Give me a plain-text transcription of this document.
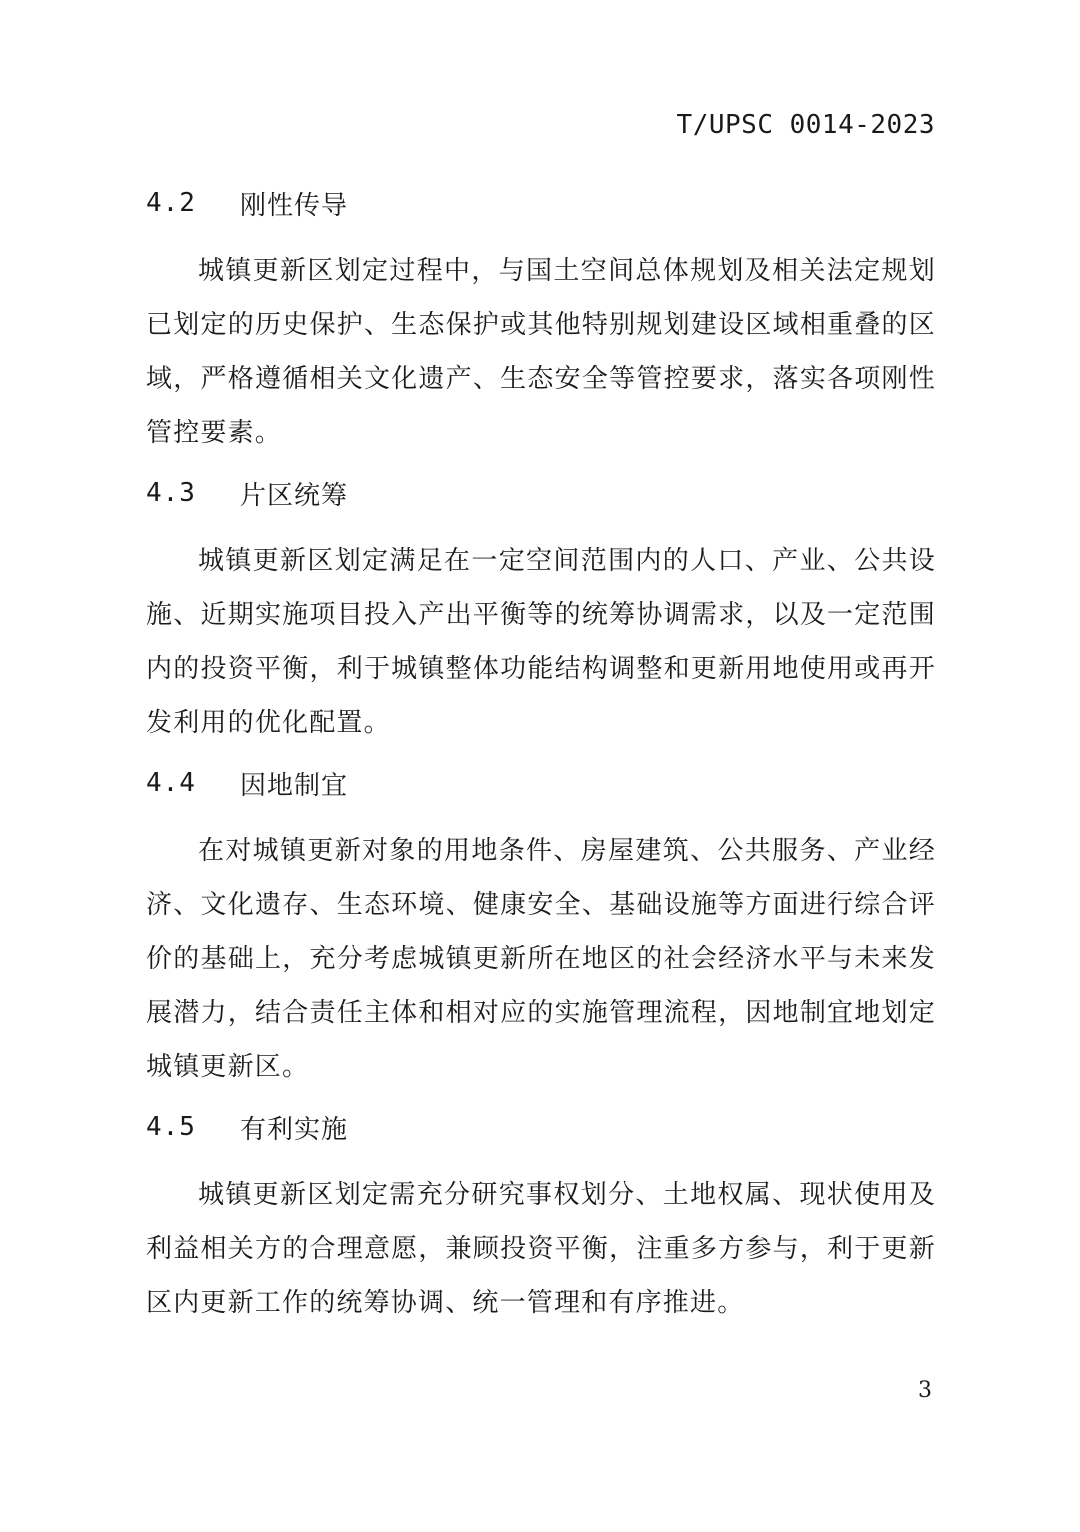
T/UPSC 0014-2023
4.2	刚性传导

城镇更新区划定过程中，与国土空间总体规划及相关法定规划已划定的历史保护、生态保护或其他特别规划建设区域相重叠的区域，严格遵循相关文化遗产、生态安全等管控要求，落实各项刚性管控要素。

4.3	片区统筹

城镇更新区划定满足在一定空间范围内的人口、产业、公共设施、近期实施项目投入产出平衡等的统筹协调需求，以及一定范围内的投资平衡，利于城镇整体功能结构调整和更新用地使用或再开发利用的优化配置。

4.4	因地制宜

在对城镇更新对象的用地条件、房屋建筑、公共服务、产业经济、文化遗存、生态环境、健康安全、基础设施等方面进行综合评价的基础上，充分考虑城镇更新所在地区的社会经济水平与未来发展潜力，结合责任主体和相对应的实施管理流程，因地制宜地划定城镇更新区。

4.5	有利实施

城镇更新区划定需充分研究事权划分、土地权属、现状使用及利益相关方的合理意愿，兼顾投资平衡，注重多方参与，利于更新区内更新工作的统筹协调、统一管理和有序推进。

3
